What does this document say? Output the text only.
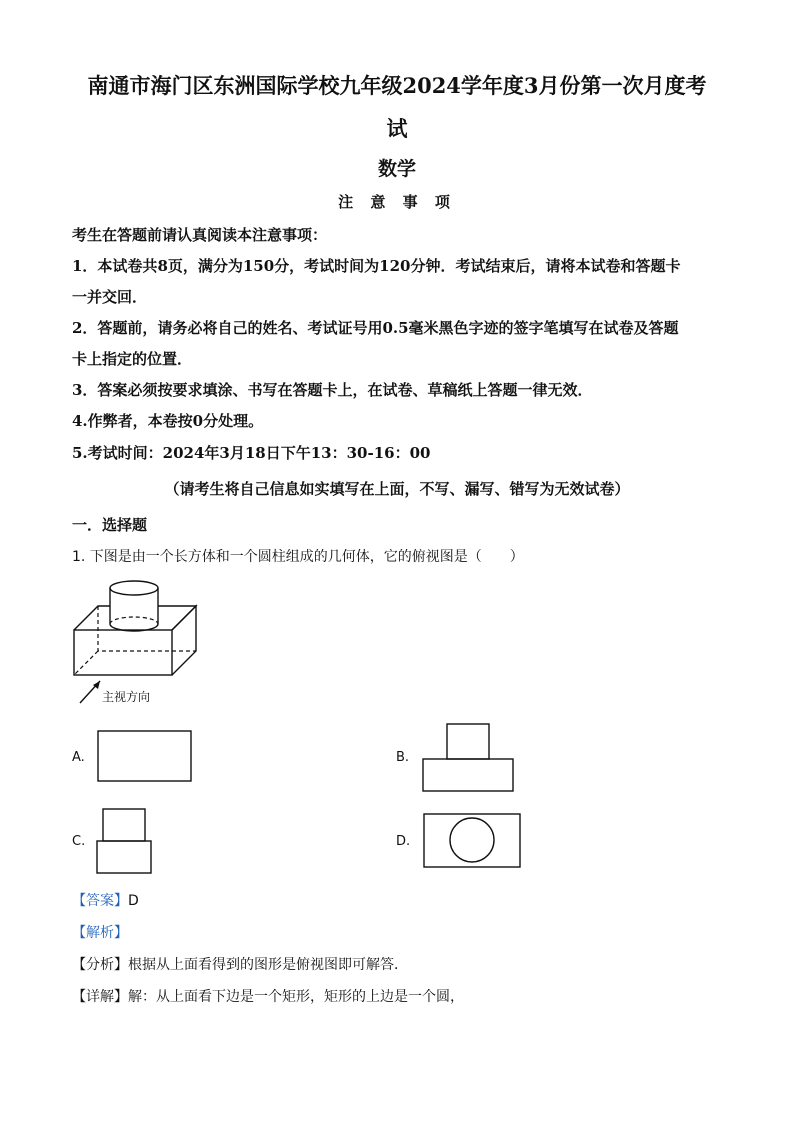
南通市海门区东洲国际学校九年级2024学年度3月份第一次月度考
试
数学
注 意 事 项
考生在答题前请认真阅读本注意事项：
1．本试卷共8页，满分为150分，考试时间为120分钟．考试结束后，请将本试卷和答题卡
一并交回．
2．答题前，请务必将自己的姓名、考试证号用0.5毫米黑色字迹的签字笔填写在试卷及答题
卡上指定的位置．
3．答案必须按要求填涂、书写在答题卡上，在试卷、草稿纸上答题一律无效．
4.作弊者，本卷按0分处理。
5.考试时间：2024年3月18日下午13：30-16：00
（请考生将自己信息如实填写在上面，不写、漏写、错写为无效试卷）
一．选择题
1. 下图是由一个长方体和一个圆柱组成的几何体，它的俯视图是（　　）
主视方向
A.	B.
C.	D.
【答案】D
【解析】
【分析】根据从上面看得到的图形是俯视图即可解答．
【详解】解：从上面看下边是一个矩形，矩形的上边是一个圆，
